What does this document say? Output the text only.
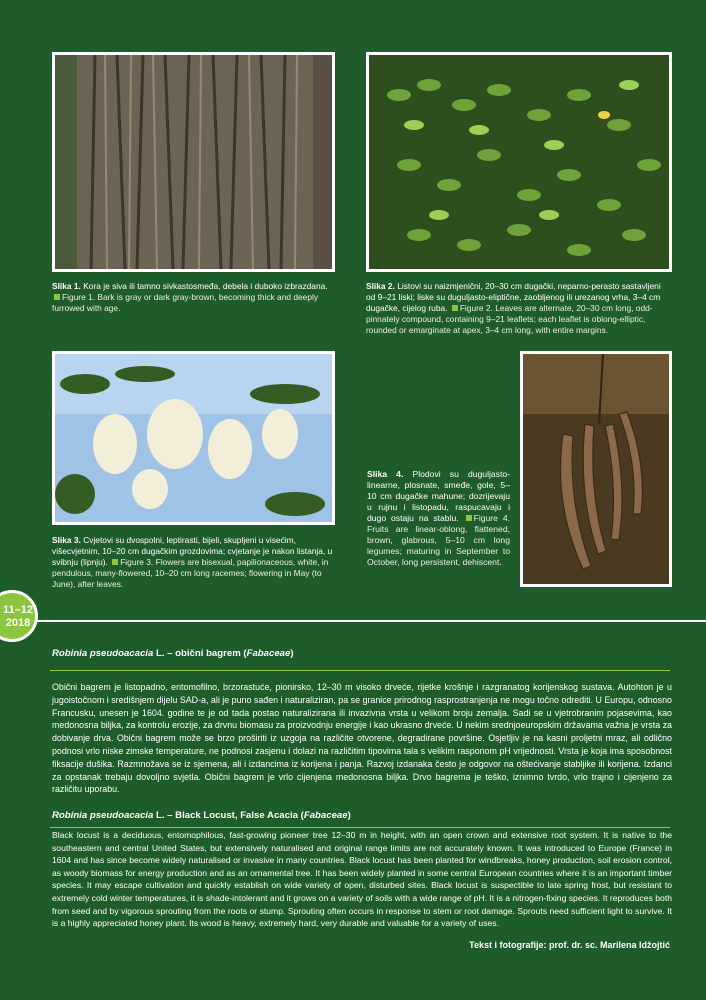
Slika 1. Kora je siva ili tamno sivkastosmeđa, debela i duboko izbrazdana. Figure 1. Bark is gray or dark gray-brown, becoming thick and deeply furrowed with age.
Slika 2. Listovi su naizmjenični, 20–30 cm dugački, neparno-perasto sastavljeni od 9–21 liski; liske su duguljasto-eliptične, zaobljenog ili urezanog vrha, 3–4 cm dugačke, cijelog ruba. Figure 2. Leaves are alternate, 20–30 cm long, odd-pinnately compound, containing 9–21 leaflets; each leaflet is oblong-elliptic, rounded or emarginate at apex, 3–4 cm long, with entire margins.
Slika 3. Cvjetovi su dvospolni, leptirasti, bijeli, skupljeni u visećim, višecvjetnim, 10–20 cm dugačkim grozdovima; cvjetanje je nakon listanja, u svibnju (lipnju). Figure 3. Flowers are bisexual, papilionaceous, white, in pendulous, many-flowered, 10–20 cm long racemes; flowering in May (to June), after leaves.
Slika 4. Plodovi su duguljasto-linearne, plosnate, smeđe, gole, 5–10 cm dugačke mahune; dozrijevaju u rujnu i listopadu, raspucavaju i dugo ostaju na stablu. Figure 4. Fruits are linear-oblong, flattened, brown, glabrous, 5–10 cm long legumes; maturing in September to October, long persistent, dehiscent.
11–12
2018
Robinia pseudoacacia L. – obični bagrem (Fabaceae)
Obični bagrem je listopadno, entomofilno, brzorastuće, pionirsko, 12–30 m visoko drveće, rijetke krošnje i razgranatog korijenskog sustava. Autohton je u jugoistočnom i središnjem dijelu SAD-a, ali je puno sađen i naturaliziran, pa se granice prirodnog rasprostranjenja ne mogu točno odrediti. U Europu, odnosno Francusku, unesen je 1604. godine te je od tada postao naturalizirana ili invazivna vrsta u velikom broju zemalja. Sadi se u vjetrobranim pojasevima, kao medonosna biljka, za kontrolu erozije, za drvnu biomasu za proizvodnju energije i kao ukrasno drveće. U nekim srednjoeuropskim državama važna je vrsta za dobivanje drva. Obični bagrem može se brzo proširiti iz uzgoja na različite otvorene, degradirane površine. Osjetljiv je na kasni proljetni mraz, ali odlično podnosi vrlo niske zimske temperature, ne podnosi zasjenu i dolazi na različitim tipovima tala s velikim rasponom pH vrijednosti. Vrsta je koja ima sposobnost fiksacije dušika. Razmnožava se iz sjemena, ali i izdancima iz korijena i panja. Razvoj izdanaka često je odgovor na oštećivanje stabljike ili korijena. Izdanci za opstanak trebaju dovoljno svjetla. Obični bagrem je vrlo cijenjena medonosna biljka. Drvo bagrema je teško, iznimno tvrdo, vrlo trajno i cijenjeno za različitu uporabu.
Robinia pseudoacacia L. – Black Locust, False Acacia (Fabaceae)
Black locust is a deciduous, entomophilous, fast-growing pioneer tree 12–30 m in height, with an open crown and extensive root system. It is native to the southeastern and central United States, but extensively naturalised and original range limits are not accurately known. It was introduced to Europe (France) in 1604 and has since become widely naturalised or invasive in many countries. Black locust has been planted for windbreaks, honey production, soil erosion control, as woody biomass for energy production and as an ornamental tree. It has been widely planted in some central European countries where it is an important timber species. It may escape cultivation and quickly establish on wide variety of open, disturbed sites. Black locust is suspectible to late spring frost, but resistant to extremely cold winter temperatures, it is shade-intolerant and it grows on a variety of soils with a wide range of pH. It is a nitrogen-fixing species. It reproduces both from seed and by vigorous sprouting from the roots or stump. Sprouting often occurs in response to stem or root damage. Sprouts need sufficient light to survive. It is a highly appreciated honey plant. Its wood is heavy, extremely hard, very durable and valuable for a variety of uses.
Tekst i fotografije: prof. dr. sc. Marilena Idžojtić
